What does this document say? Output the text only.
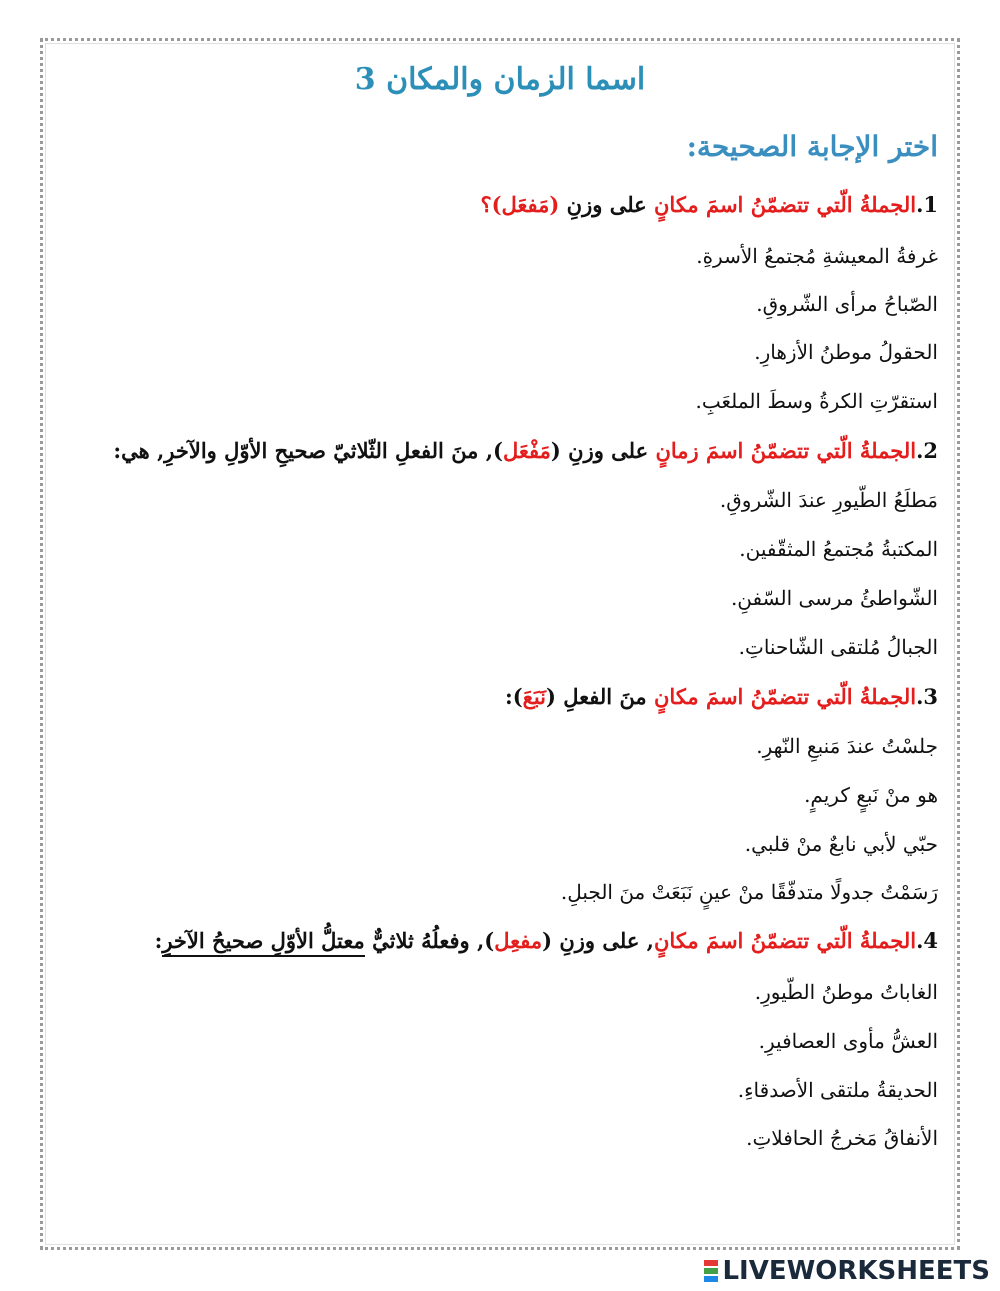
اسما الزمان والمكان 3
اختر الإجابة الصحيحة:
1.الجملةُ الّتي تتضمّنُ اسمَ مكانٍ على وزنِ (مَفعَل)؟
غرفةُ المعيشةِ مُجتمعُ الأسرةِ.
الصّباحُ مرأى الشّروقِ.
الحقولُ موطنُ الأزهارِ.
استقرّتِ الكرةُ وسطَ الملعَبِ.
2.الجملةُ الّتي تتضمّنُ اسمَ زمانٍ على وزنِ (مَفْعَل), منَ الفعلِ الثّلاثيّ صحيحِ الأوّلِ والآخرِ, هي:
مَطلَعُ الطّيورِ عندَ الشّروقِ.
المكتبةُ مُجتمعُ المثقّفين.
الشّواطئُ مرسى السّفنِ.
الجبالُ مُلتقى الشّاحناتِ.
3.الجملةُ الّتي تتضمّنُ اسمَ مكانٍ منَ الفعلِ (نَبَعَ):
جلسْتُ عندَ مَنبعِ النّهرِ.
هو منْ نَبعٍ كريمٍ.
حبّي لأبي نابعٌ منْ قلبي.
رَسَمْتُ جدولًا متدفّقًا منْ عينٍ نَبَعَتْ منَ الجبلِ.
4.الجملةُ الّتي تتضمّنُ اسمَ مكانٍ, على وزنِ (مفعِل), وفعلُهُ ثلاثيٌّ معتلُّ الأوّلِ صحيحُ الآخرِ:
الغاباتُ موطنُ الطّيورِ.
العشُّ مأوى العصافيرِ.
الحديقةُ ملتقى الأصدقاءِ.
الأنفاقُ مَخرجُ الحافلاتِ.
LIVEWORKSHEETS
